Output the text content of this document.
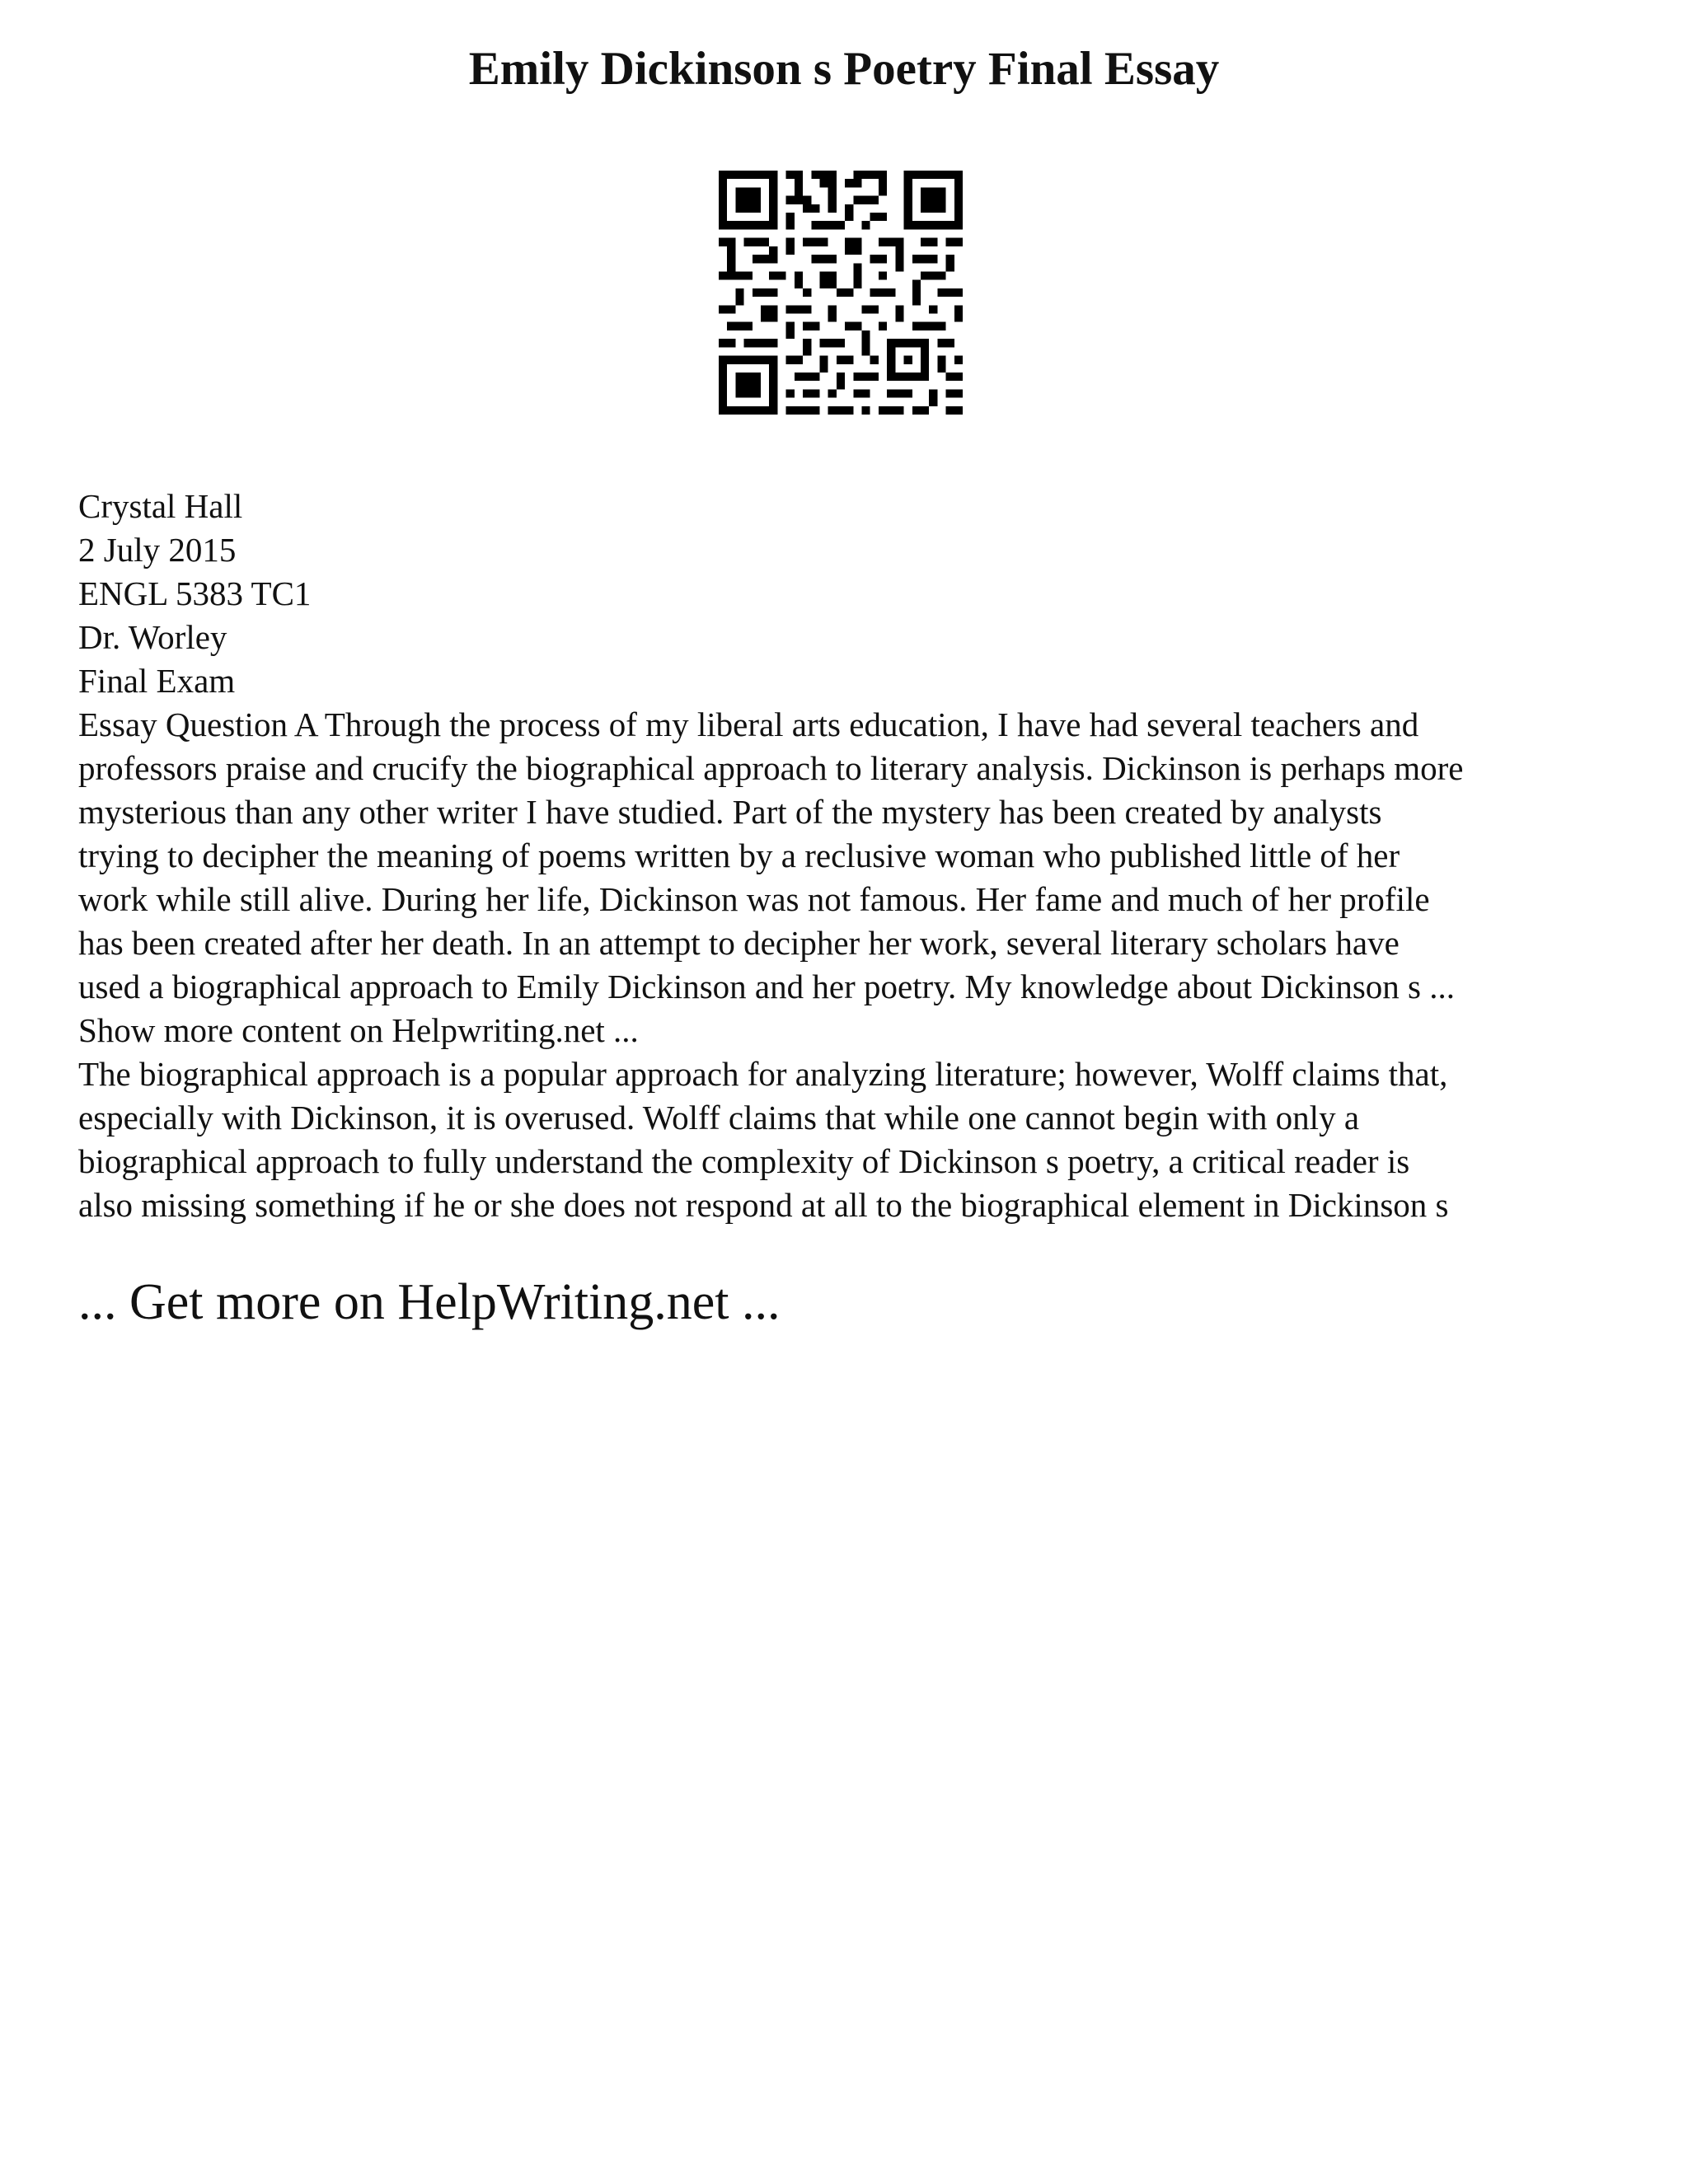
Emily Dickinson s Poetry Final Essay
Crystal Hall
2 July 2015
ENGL 5383 TC1
Dr. Worley
Final Exam

Essay Question A Through the process of my liberal arts education, I have had several teachers and
professors praise and crucify the biographical approach to literary analysis. Dickinson is perhaps more
mysterious than any other writer I have studied. Part of the mystery has been created by analysts
trying to decipher the meaning of poems written by a reclusive woman who published little of her
work while still alive. During her life, Dickinson was not famous. Her fame and much of her profile
has been created after her death. In an attempt to decipher her work, several literary scholars have
used a biographical approach to Emily Dickinson and her poetry. My knowledge about Dickinson s ...
Show more content on Helpwriting.net ...

The biographical approach is a popular approach for analyzing literature; however, Wolff claims that,
especially with Dickinson, it is overused. Wolff claims that while one cannot begin with only a
biographical approach to fully understand the complexity of Dickinson s poetry, a critical reader is
also missing something if he or she does not respond at all to the biographical element in Dickinson s

... Get more on HelpWriting.net ...
